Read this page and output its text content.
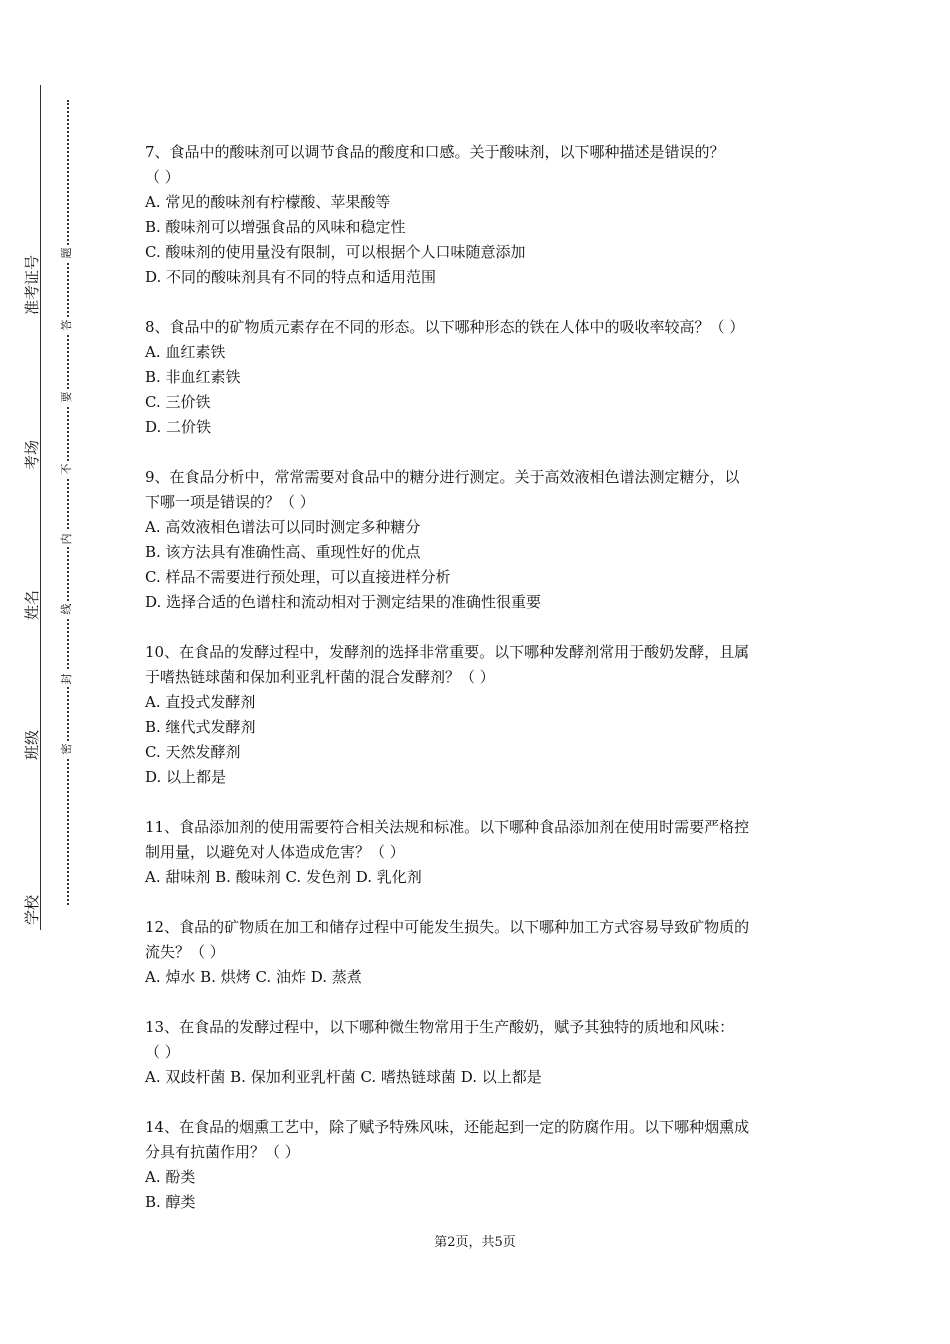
准考证号
考场
姓名
班级
学校
题
答
要
不
内
线
封
密

7、食品中的酸味剂可以调节食品的酸度和口感。关于酸味剂，以下哪种描述是错误的？

（ ）

A. 常见的酸味剂有柠檬酸、苹果酸等

B. 酸味剂可以增强食品的风味和稳定性

C. 酸味剂的使用量没有限制，可以根据个人口味随意添加

D. 不同的酸味剂具有不同的特点和适用范围

8、食品中的矿物质元素存在不同的形态。以下哪种形态的铁在人体中的吸收率较高？（ ）

A. 血红素铁

B. 非血红素铁

C. 三价铁

D. 二价铁

9、在食品分析中，常常需要对食品中的糖分进行测定。关于高效液相色谱法测定糖分，以

下哪一项是错误的？（ ）

A. 高效液相色谱法可以同时测定多种糖分

B. 该方法具有准确性高、重现性好的优点

C. 样品不需要进行预处理，可以直接进样分析

D. 选择合适的色谱柱和流动相对于测定结果的准确性很重要

10、在食品的发酵过程中，发酵剂的选择非常重要。以下哪种发酵剂常用于酸奶发酵，且属

于嗜热链球菌和保加利亚乳杆菌的混合发酵剂？（ ）

A. 直投式发酵剂

B. 继代式发酵剂

C. 天然发酵剂

D. 以上都是

11、食品添加剂的使用需要符合相关法规和标准。以下哪种食品添加剂在使用时需要严格控

制用量，以避免对人体造成危害？（ ）

A. 甜味剂 B. 酸味剂 C. 发色剂 D. 乳化剂

12、食品的矿物质在加工和储存过程中可能发生损失。以下哪种加工方式容易导致矿物质的

流失？（ ）

A. 焯水 B. 烘烤 C. 油炸 D. 蒸煮

13、在食品的发酵过程中，以下哪种微生物常用于生产酸奶，赋予其独特的质地和风味：

（ ）

A. 双歧杆菌 B. 保加利亚乳杆菌 C. 嗜热链球菌 D. 以上都是

14、在食品的烟熏工艺中，除了赋予特殊风味，还能起到一定的防腐作用。以下哪种烟熏成

分具有抗菌作用？（ ）

A. 酚类

B. 醇类

第2页，共5页
